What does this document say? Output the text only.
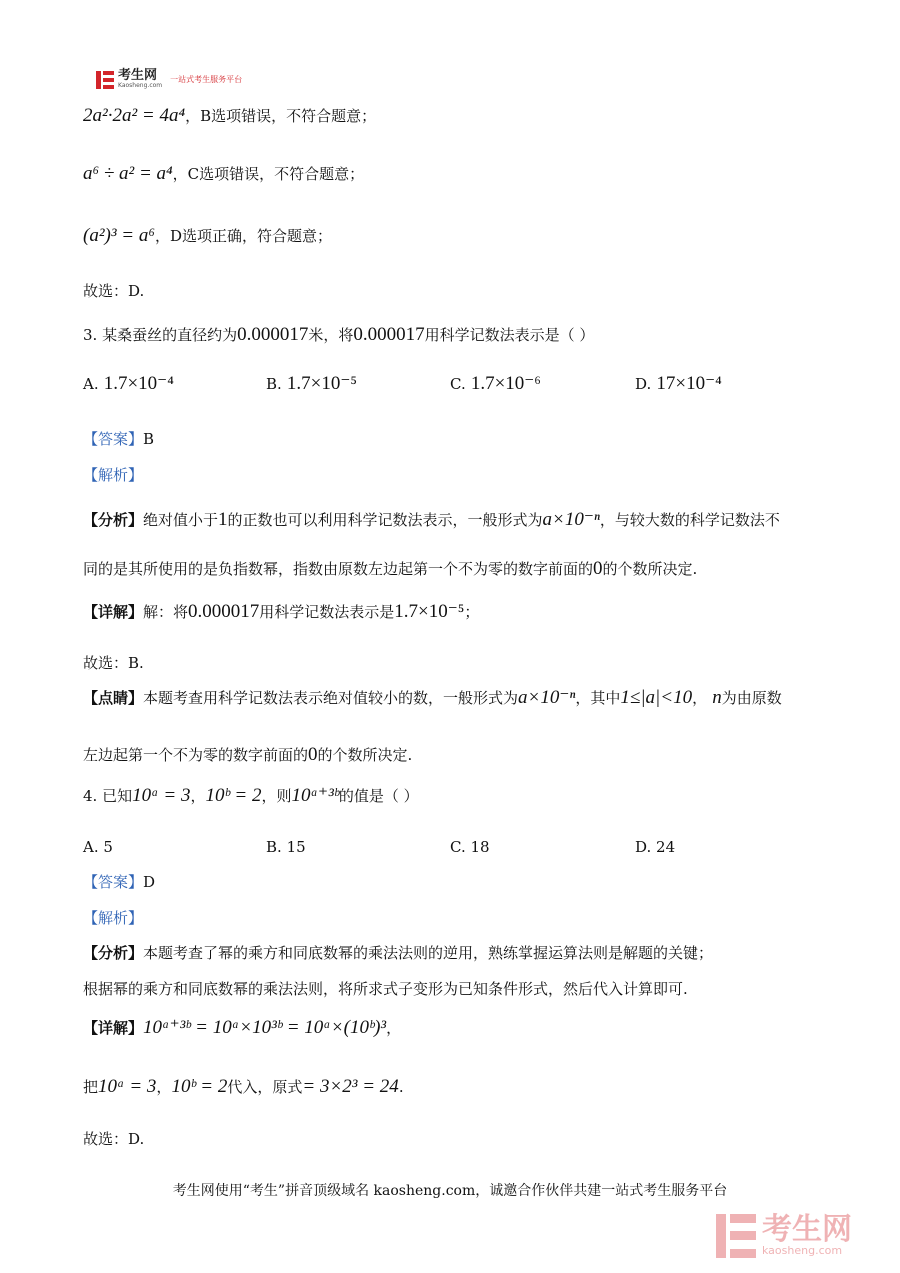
考生网
Kaosheng.com
一站式考生服务平台
2a²·2a² = 4a⁴，B选项错误，不符合题意；
a⁶ ÷ a² = a⁴，C选项错误，不符合题意；
(a²)³ = a⁶，D选项正确，符合题意；
故选：D.
3. 某桑蚕丝的直径约为0.000017米，将0.000017用科学记数法表示是（ ）
A. 1.7×10⁻⁴	B. 1.7×10⁻⁵	C. 1.7×10⁻⁶	D. 17×10⁻⁴
【答案】B
【解析】
【分析】绝对值小于1的正数也可以利用科学记数法表示，一般形式为a×10⁻ⁿ，与较大数的科学记数法不
同的是其所使用的是负指数幂，指数由原数左边起第一个不为零的数字前面的0的个数所决定.
【详解】解：将0.000017用科学记数法表示是1.7×10⁻⁵；
故选：B.
【点睛】本题考查用科学记数法表示绝对值较小的数，一般形式为a×10⁻ⁿ，其中1≤|a|<10， n为由原数
左边起第一个不为零的数字前面的0的个数所决定.
4. 已知10ᵃ = 3，10ᵇ = 2，则10ᵃ⁺³ᵇ的值是（ ）
A. 5	B. 15	C. 18	D. 24
【答案】D
【解析】
【分析】本题考查了幂的乘方和同底数幂的乘法法则的逆用，熟练掌握运算法则是解题的关键；
根据幂的乘方和同底数幂的乘法法则，将所求式子变形为已知条件形式，然后代入计算即可.
【详解】10ᵃ⁺³ᵇ = 10ᵃ×10³ᵇ = 10ᵃ×(10ᵇ)³，
把10ᵃ = 3，10ᵇ = 2代入，原式= 3×2³ = 24.
故选：D.
考生网使用“考生”拼音顶级域名 kaosheng.com，诚邀合作伙伴共建一站式考生服务平台
考生网
kaosheng.com
